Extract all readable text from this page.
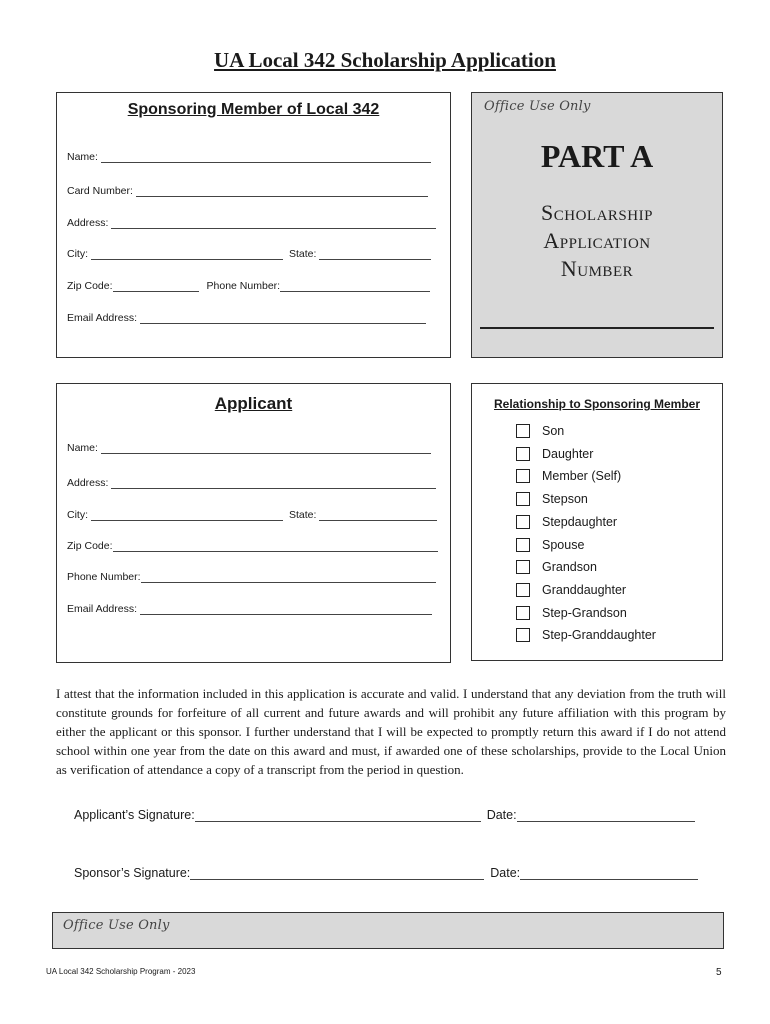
UA Local 342 Scholarship Application
Sponsoring Member of Local 342
Name:
Card Number:
Address:
City:	State:
Zip Code:	Phone Number:
Email Address:
Office Use Only
PART A
Scholarship
Application
Number
Applicant
Name:
Address:
City:	State:
Zip Code:
Phone Number:
Email Address:
Relationship to Sponsoring Member
Son
Daughter
Member (Self)
Stepson
Stepdaughter
Spouse
Grandson
Granddaughter
Step-Grandson
Step-Granddaughter
I attest that the information included in this application is accurate and valid. I understand that any deviation from the truth will constitute grounds for forfeiture of all current and future awards and will prohibit any future affiliation with this program by either the applicant or this sponsor. I further understand that I will be expected to promptly return this award if I do not attend school within one year from the date on this award and must, if awarded one of these scholarships, provide to the Local Union as verification of attendance a copy of a transcript from the period in question.
Applicant’s Signature:	Date:
Sponsor’s Signature:	Date:
Office Use Only
UA Local 342 Scholarship Program - 2023	5
